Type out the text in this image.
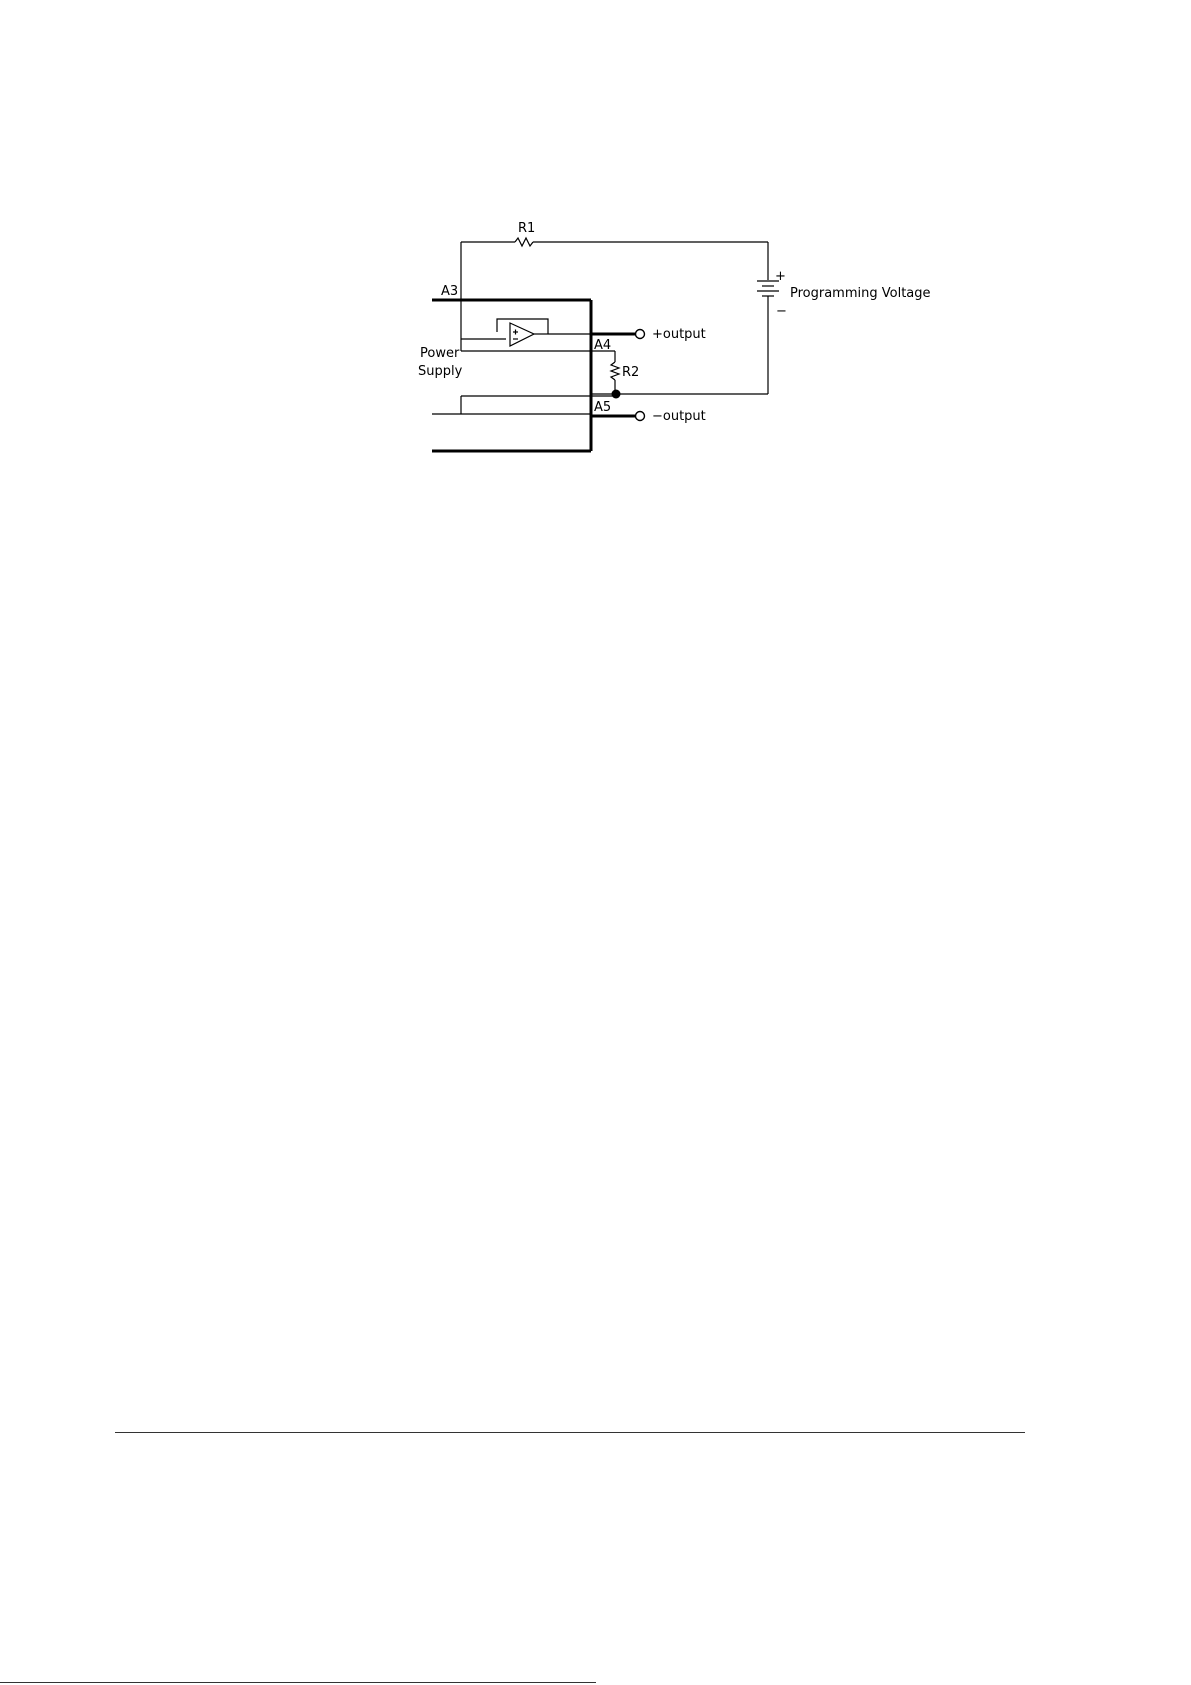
R1
A3
A4
A5
R2
Power
Supply
+output
−output
+
−
Programming Voltage
